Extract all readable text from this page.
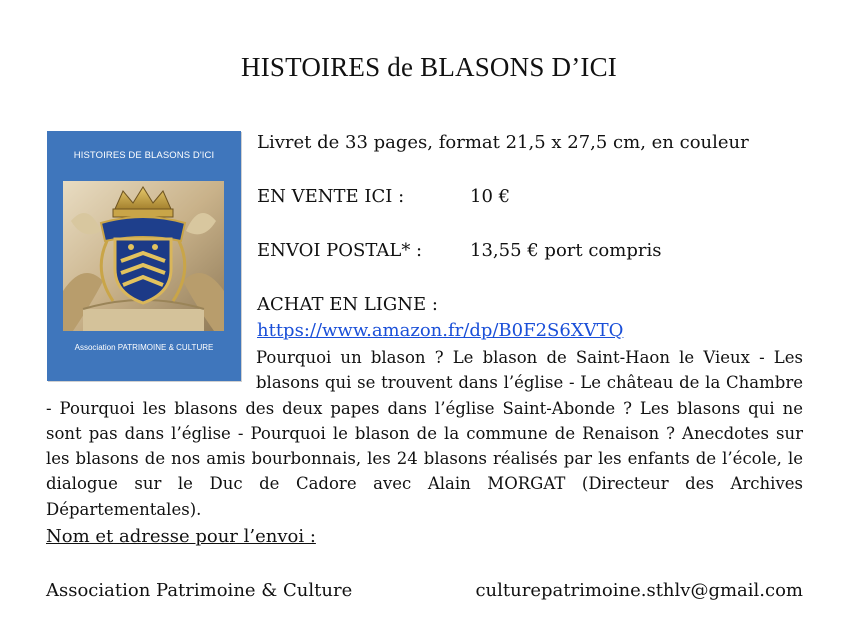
HISTOIRES de BLASONS D’ICI
HISTOIRES DE BLASONS D'ICI
Association PATRIMOINE & CULTURE
Livret de 33 pages, format 21,5 x 27,5 cm, en couleur
EN VENTE ICI :	10 €
ENVOI POSTAL* :	13,55 € port compris
ACHAT EN LIGNE :
https://www.amazon.fr/dp/B0F2S6XVTQ

Pourquoi un blason ? Le blason de Saint-Haon le Vieux - Les blasons qui se trouvent dans l’église - Le château de la Chambre - Pourquoi les blasons des deux papes dans l’église Saint-Abonde ? Les blasons qui ne sont pas dans l’église - Pourquoi le blason de la commune de Renaison ? Anecdotes sur les blasons de nos amis bourbonnais, les 24 blasons réalisés par les enfants de l’école, le dialogue sur le Duc de Cadore avec Alain MORGAT (Directeur des Archives Départementales).

Nom et adresse pour l’envoi :
Association Patrimoine & Culture	culturepatrimoine.sthlv@gmail.com
